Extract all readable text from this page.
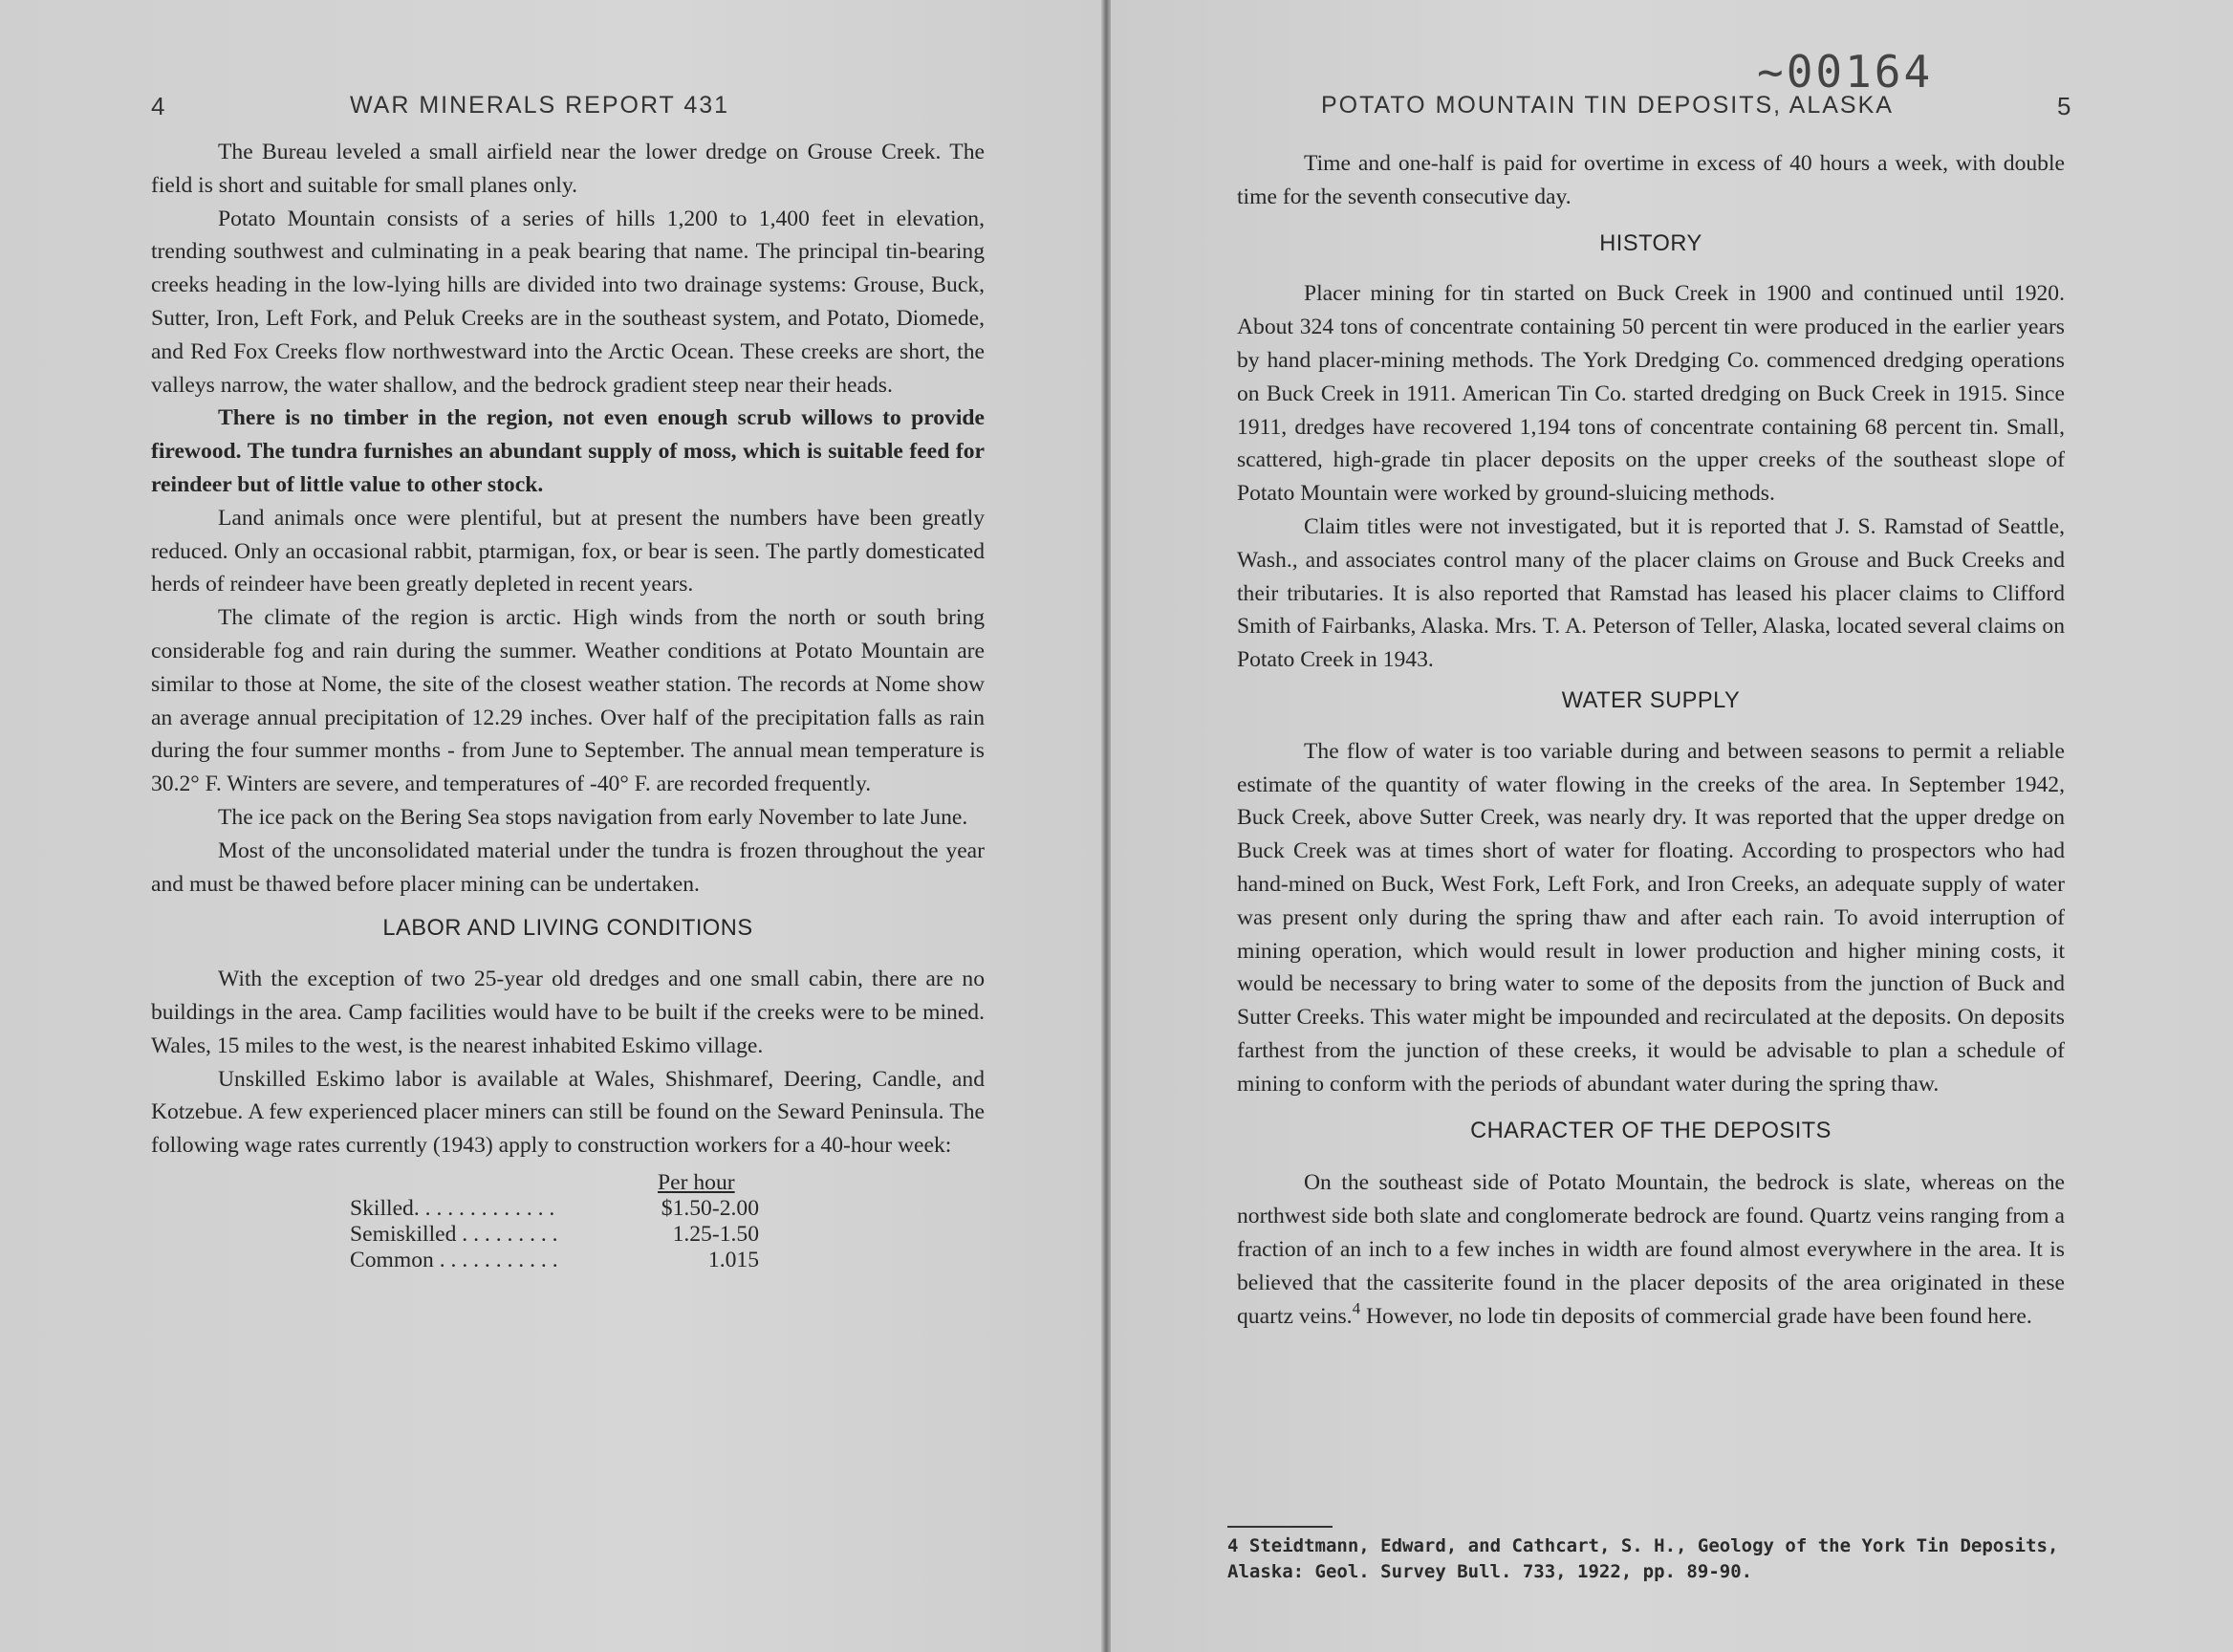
4	WAR MINERALS REPORT 431

The Bureau leveled a small airfield near the lower dredge on Grouse Creek. The field is short and suitable for small planes only.

Potato Mountain consists of a series of hills 1,200 to 1,400 feet in elevation, trending southwest and culminating in a peak bearing that name. The principal tin-bearing creeks heading in the low-lying hills are divided into two drainage systems: Grouse, Buck, Sutter, Iron, Left Fork, and Peluk Creeks are in the southeast system, and Potato, Diomede, and Red Fox Creeks flow northwestward into the Arctic Ocean. These creeks are short, the valleys narrow, the water shallow, and the bedrock gradient steep near their heads.

There is no timber in the region, not even enough scrub willows to provide firewood. The tundra furnishes an abundant supply of moss, which is suitable feed for reindeer but of little value to other stock.

Land animals once were plentiful, but at present the numbers have been greatly reduced. Only an occasional rabbit, ptarmigan, fox, or bear is seen. The partly domesticated herds of reindeer have been greatly depleted in recent years.

The climate of the region is arctic. High winds from the north or south bring considerable fog and rain during the summer. Weather conditions at Potato Mountain are similar to those at Nome, the site of the closest weather station. The records at Nome show an average annual precipitation of 12.29 inches. Over half of the precipitation falls as rain during the four summer months - from June to September. The annual mean temperature is 30.2° F. Winters are severe, and temperatures of -40° F. are recorded frequently.

The ice pack on the Bering Sea stops navigation from early November to late June.

Most of the unconsolidated material under the tundra is frozen throughout the year and must be thawed before placer mining can be undertaken.

LABOR AND LIVING CONDITIONS

With the exception of two 25-year old dredges and one small cabin, there are no buildings in the area. Camp facilities would have to be built if the creeks were to be mined. Wales, 15 miles to the west, is the nearest inhabited Eskimo village.

Unskilled Eskimo labor is available at Wales, Shishmaref, Deering, Candle, and Kotzebue. A few experienced placer miners can still be found on the Seward Peninsula. The following wage rates currently (1943) apply to construction workers for a 40-hour week:

Per hour
Skilled. . . . . . . . . . . . .	$1.50-2.00
Semiskilled . . . . . . . . .	1.25-1.50
Common . . . . . . . . . . .	1.015
~00164
POTATO MOUNTAIN TIN DEPOSITS, ALASKA	5

Time and one-half is paid for overtime in excess of 40 hours a week, with double time for the seventh consecutive day.

HISTORY

Placer mining for tin started on Buck Creek in 1900 and continued until 1920. About 324 tons of concentrate containing 50 percent tin were produced in the earlier years by hand placer-mining methods. The York Dredging Co. commenced dredging operations on Buck Creek in 1911. American Tin Co. started dredging on Buck Creek in 1915. Since 1911, dredges have recovered 1,194 tons of concentrate containing 68 percent tin. Small, scattered, high-grade tin placer deposits on the upper creeks of the southeast slope of Potato Mountain were worked by ground-sluicing methods.

Claim titles were not investigated, but it is reported that J. S. Ramstad of Seattle, Wash., and associates control many of the placer claims on Grouse and Buck Creeks and their tributaries. It is also reported that Ramstad has leased his placer claims to Clifford Smith of Fairbanks, Alaska. Mrs. T. A. Peterson of Teller, Alaska, located several claims on Potato Creek in 1943.

WATER SUPPLY

The flow of water is too variable during and between seasons to permit a reliable estimate of the quantity of water flowing in the creeks of the area. In September 1942, Buck Creek, above Sutter Creek, was nearly dry. It was reported that the upper dredge on Buck Creek was at times short of water for floating. According to prospectors who had hand-mined on Buck, West Fork, Left Fork, and Iron Creeks, an adequate supply of water was present only during the spring thaw and after each rain. To avoid interruption of mining operation, which would result in lower production and higher mining costs, it would be necessary to bring water to some of the deposits from the junction of Buck and Sutter Creeks. This water might be impounded and recirculated at the deposits. On deposits farthest from the junction of these creeks, it would be advisable to plan a schedule of mining to conform with the periods of abundant water during the spring thaw.

CHARACTER OF THE DEPOSITS

On the southeast side of Potato Mountain, the bedrock is slate, whereas on the northwest side both slate and conglomerate bedrock are found. Quartz veins ranging from a fraction of an inch to a few inches in width are found almost everywhere in the area. It is believed that the cassiterite found in the placer deposits of the area originated in these quartz veins.$^4$ However, no lode tin deposits of commercial grade have been found here.

4 Steidtmann, Edward, and Cathcart, S. H., Geology of the York Tin Deposits, Alaska: Geol. Survey Bull. 733, 1922, pp. 89-90.
